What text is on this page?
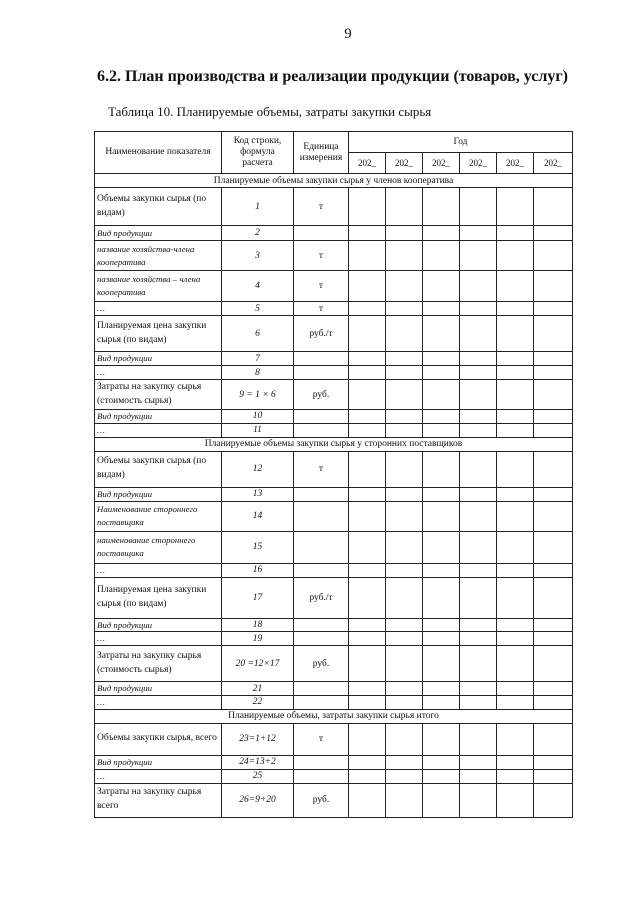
9
6.2. План производства и реализации продукции (товаров, услуг)
Таблица 10. Планируемые объемы, затраты закупки сырья
Наименование показателя	Код строки, формула расчета	Единица измерения	Год					
			202_	202_	202_	202_	202_	202_
Планируемые объемы закупки сырья у членов кооператива								
Объемы закупки сырья (по видам)	1	т						
Вид продукции	2							
название хозяйства-члена кооператива	3	т						
название хозяйства – члена кооператива	4	т						
…	5	т						
Планируемая цена закупки сырья (по видам)	6	руб./т						
Вид продукции	7							
…	8							
Затраты на закупку сырья (стоимость сырья)	9 = 1 × 6	руб.						
Вид продукции	10							
…	11							
Планируемые объемы закупки сырья у сторонних поставщиков								
Объемы закупки сырья (по видам)	12	т						
Вид продукции	13							
Наименование стороннего поставщика	14							
наименование стороннего поставщика	15							
…	16							
Планируемая цена закупки сырья (по видам)	17	руб./т						
Вид продукции	18							
…	19							
Затраты на закупку сырья (стоимость сырья)	20 =12×17	руб.						
Вид продукции	21							
…	22							
Планируемые объемы, затраты закупки сырья итого								
Объемы закупки сырья, всего	23=1+12	т						
Вид продукции	24=13+2							
…	25							
Затраты на закупку сырья всего	26=9+20	руб.						
